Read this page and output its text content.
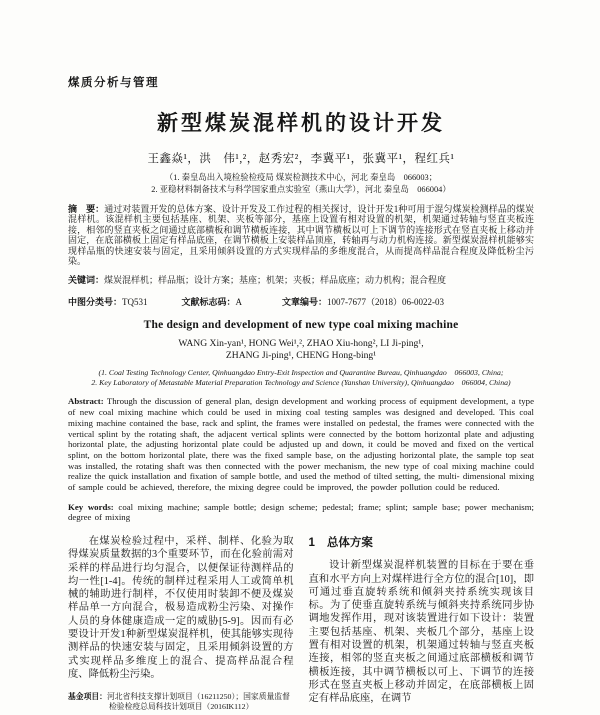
煤质分析与管理
新型煤炭混样机的设计开发
王鑫焱¹，洪　伟¹,²，赵秀宏²，李冀平¹，张冀平¹，程红兵¹
（1. 秦皇岛出入境检验检疫局 煤炭检测技术中心，河北 秦皇岛　066003；
2. 亚稳材料制备技术与科学国家重点实验室（燕山大学），河北 秦皇岛　066004）

摘　要：通过对装置开发的总体方案、设计开发及工作过程的相关探讨，设计开发1种可用于混匀煤炭检测样品的煤炭混样机。该混样机主要包括基座、机架、夹板等部分，基座上设置有相对设置的机架，机架通过转轴与竖直夹板连接，相邻的竖直夹板之间通过底部横板和调节横板连接，其中调节横板以可上下调节的连接形式在竖直夹板上移动并固定，在底部横板上固定有样品底座，在调节横板上安装样品顶座，转轴再与动力机构连接。新型煤炭混样机能够实现样品瓶的快速安装与固定，且采用倾斜设置的方式实现样品的多维度混合，从而提高样品混合程度及降低粉尘污染。

关键词：煤炭混样机；样品瓶；设计方案；基座；机架；夹板；样品底座；动力机构；混合程度

中图分类号：TQ531	文献标志码：A	文章编号：1007-7677（2018）06-0022-03
The design and development of new type coal mixing machine
WANG Xin-yan¹, HONG Wei¹,², ZHAO Xiu-hong², LI Ji-ping¹,
ZHANG Ji-ping¹, CHENG Hong-bing¹
(1. Coal Testing Technology Center, Qinhuangdao Entry-Exit Inspection and Quarantine Bureau, Qinhuangdao　066003, China;
2. Key Laboratory of Metastable Material Preparation Technology and Science (Yanshan University), Qinhuangdao　066004, China)

Abstract: Through the discussion of general plan, design development and working process of equipment development, a type of new coal mixing machine which could be used in mixing coal testing samples was designed and developed. This coal mixing machine contained the base, rack and splint, the frames were installed on pedestal, the frames were connected with the vertical splint by the rotating shaft, the adjacent vertical splints were connected by the bottom horizontal plate and adjusting horizontal plate, the adjusting horizontal plate could be adjusted up and down, it could be moved and fixed on the vertical splint, on the bottom horizontal plate, there was the fixed sample base, on the adjusting horizontal plate, the sample top seat was installed, the rotating shaft was then connected with the power mechanism, the new type of coal mixing machine could realize the quick installation and fixation of sample bottle, and used the method of tilted setting, the multi- dimensional mixing of sample could be achieved, therefore, the mixing degree could be improved, the powder pollution could be reduced.

Key words: coal mixing machine; sample bottle; design scheme; pedestal; frame; splint; sample base; power mechanism; degree of mixing

在煤炭检验过程中，采样、制样、化验为取得煤炭质量数据的3个重要环节，而在化验前需对采样的样品进行均匀混合，以便保证待测样品的均一性[1-4]。传统的制样过程采用人工或简单机械的辅助进行制样，不仅使用时装卸不便及煤炭样品单一方向混合，极易造成粉尘污染、对操作人员的身体健康造成一定的威胁[5-9]。因而有必要设计开发1种新型煤炭混样机，使其能够实现待测样品的快速安装与固定，且采用倾斜设置的方式实现样品多维度上的混合、提高样品混合程度、降低粉尘污染。

基金项目：河北省科技支撑计划项目（16211250）；国家质量监督检验检疫总局科技计划项目（2016IK112）
1 总体方案

设计新型煤炭混样机装置的目标在于要在垂直和水平方向上对煤样进行全方位的混合[10]，即可通过垂直旋转系统和倾斜夹持系统实现该目标。为了使垂直旋转系统与倾斜夹持系统同步协调地发挥作用，现对该装置进行如下设计：装置主要包括基座、机架、夹板几个部分，基座上设置有相对设置的机架，机架通过转轴与竖直夹板连接，相邻的竖直夹板之间通过底部横板和调节横板连接，其中调节横板以可上、下调节的连接形式在竖直夹板上移动并固定，在底部横板上固定有样品底座，在调节
